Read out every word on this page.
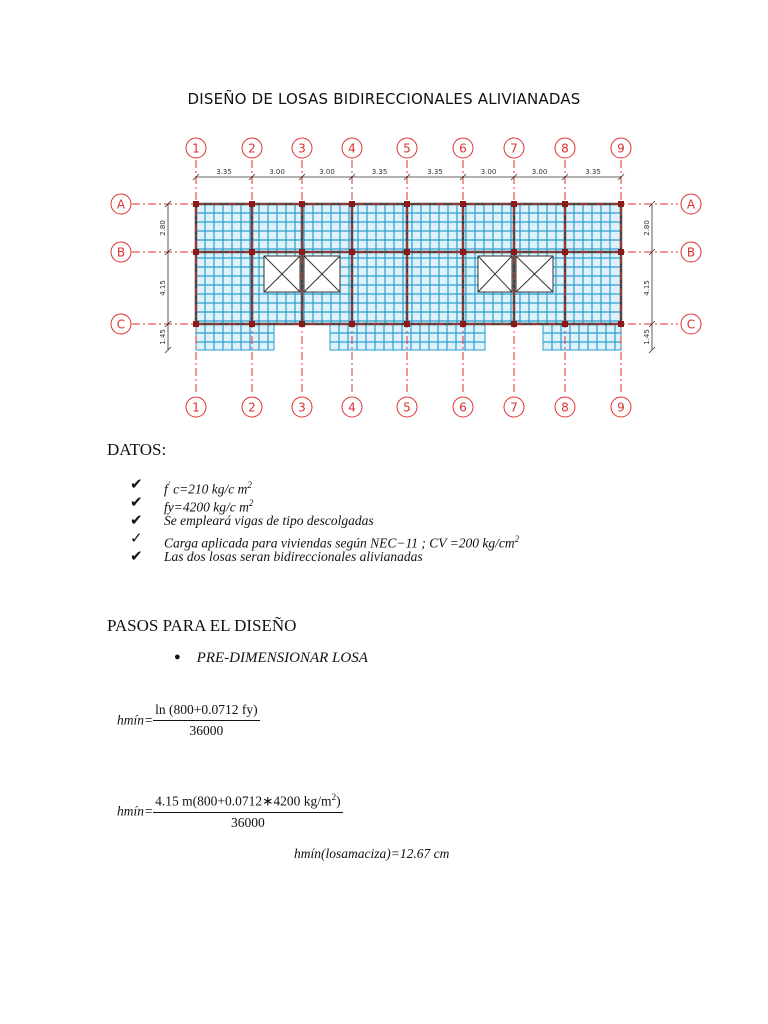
DISEÑO DE LOSAS BIDIRECCIONALES ALIVIANADAS
1
1
2
2
3
3
4
4
5
5
6
6
7
7
8
8
9
9
A	A
B	B
C	C
3.35	3.00	3.00	3.35	3.35	3.00	3.00	3.35
2.80
4.15
1.45
2.80
4.15
1.45
DATOS:
✔ f' c=210 kg/c $m^2$
✔ fy=4200 kg/c $m^2$
✔ Se empleará vigas de tipo descolgadas
✓ Carga aplicada para viviendas según NEC−11 ; CV =200 $kg/cm^2$
✔ Las dos losas seran bidireccionales alivianadas
PASOS PARA EL DISEÑO
● PRE-DIMENSIONAR LOSA
hmín= $\frac{\ln (800+0.0712 fy)}{36000}$
hmín= $\frac{4.15 m(800+0.0712∗4200 kg/m^2)}{36000}$
hmín(losamaciza)=12.67 cm
